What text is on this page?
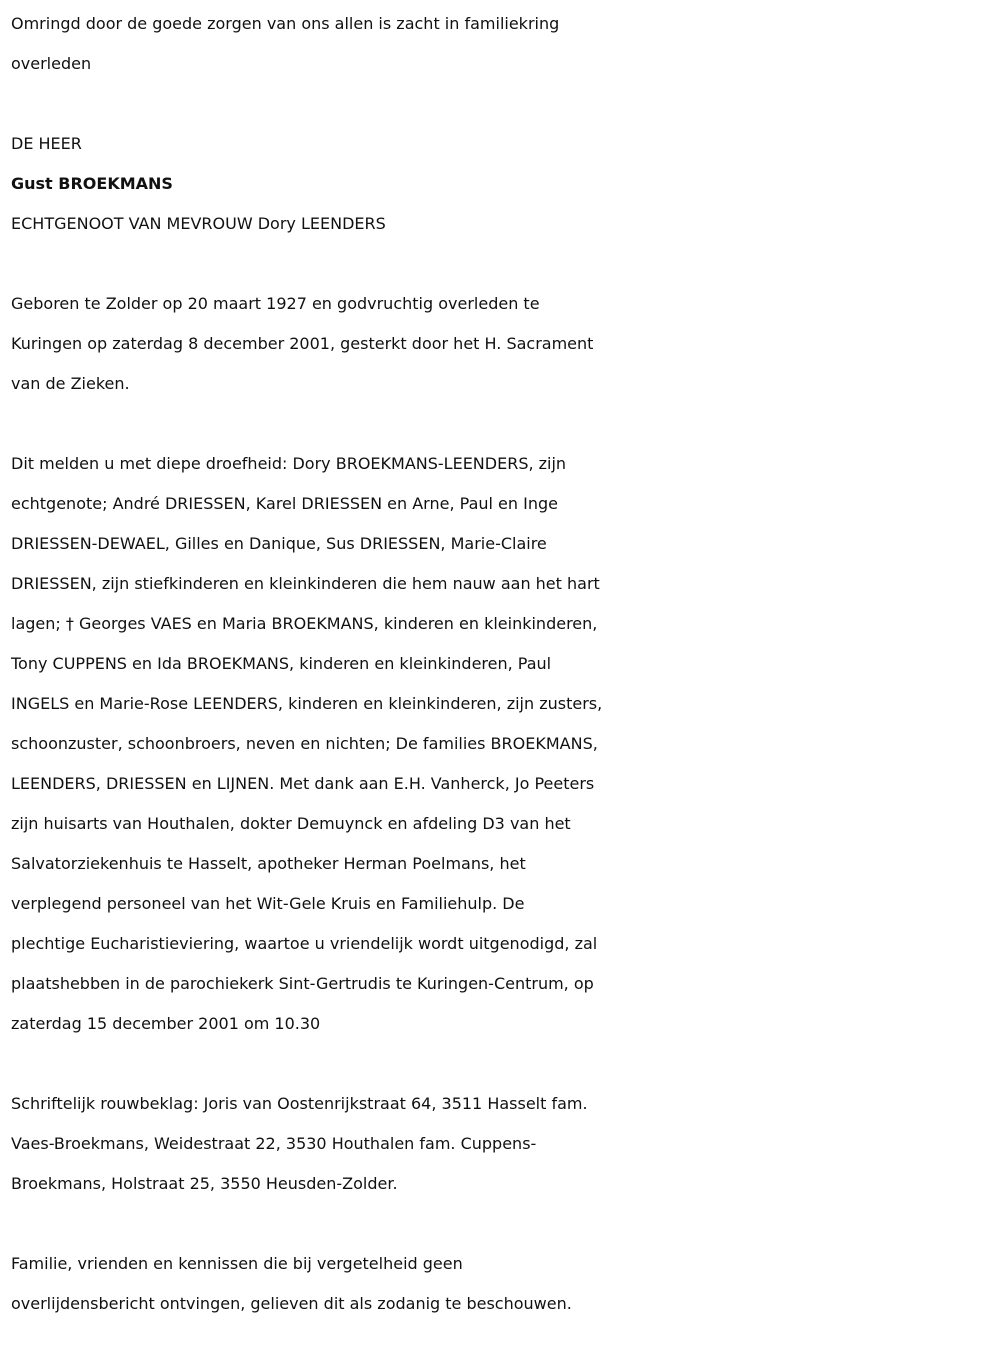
Omringd door de goede zorgen van ons allen is zacht in familiekring
overleden
DE HEER
Gust BROEKMANS
ECHTGENOOT VAN MEVROUW Dory LEENDERS
Geboren te Zolder op 20 maart 1927 en godvruchtig overleden te
Kuringen op zaterdag 8 december 2001, gesterkt door het H. Sacrament
van de Zieken.
Dit melden u met diepe droefheid: Dory BROEKMANS-LEENDERS, zijn
echtgenote; André DRIESSEN, Karel DRIESSEN en Arne, Paul en Inge
DRIESSEN-DEWAEL, Gilles en Danique, Sus DRIESSEN, Marie-Claire
DRIESSEN, zijn stiefkinderen en kleinkinderen die hem nauw aan het hart
lagen; † Georges VAES en Maria BROEKMANS, kinderen en kleinkinderen,
Tony CUPPENS en Ida BROEKMANS, kinderen en kleinkinderen, Paul
INGELS en Marie-Rose LEENDERS, kinderen en kleinkinderen, zijn zusters,
schoonzuster, schoonbroers, neven en nichten; De families BROEKMANS,
LEENDERS, DRIESSEN en LIJNEN. Met dank aan E.H. Vanherck, Jo Peeters
zijn huisarts van Houthalen, dokter Demuynck en afdeling D3 van het
Salvatorziekenhuis te Hasselt, apotheker Herman Poelmans, het
verplegend personeel van het Wit-Gele Kruis en Familiehulp. De
plechtige Eucharistieviering, waartoe u vriendelijk wordt uitgenodigd, zal
plaatshebben in de parochiekerk Sint-Gertrudis te Kuringen-Centrum, op
zaterdag 15 december 2001 om 10.30
Schriftelijk rouwbeklag: Joris van Oostenrijkstraat 64, 3511 Hasselt fam.
Vaes-Broekmans, Weidestraat 22, 3530 Houthalen fam. Cuppens-
Broekmans, Holstraat 25, 3550 Heusden-Zolder.
Familie, vrienden en kennissen die bij vergetelheid geen
overlijdensbericht ontvingen, gelieven dit als zodanig te beschouwen.
